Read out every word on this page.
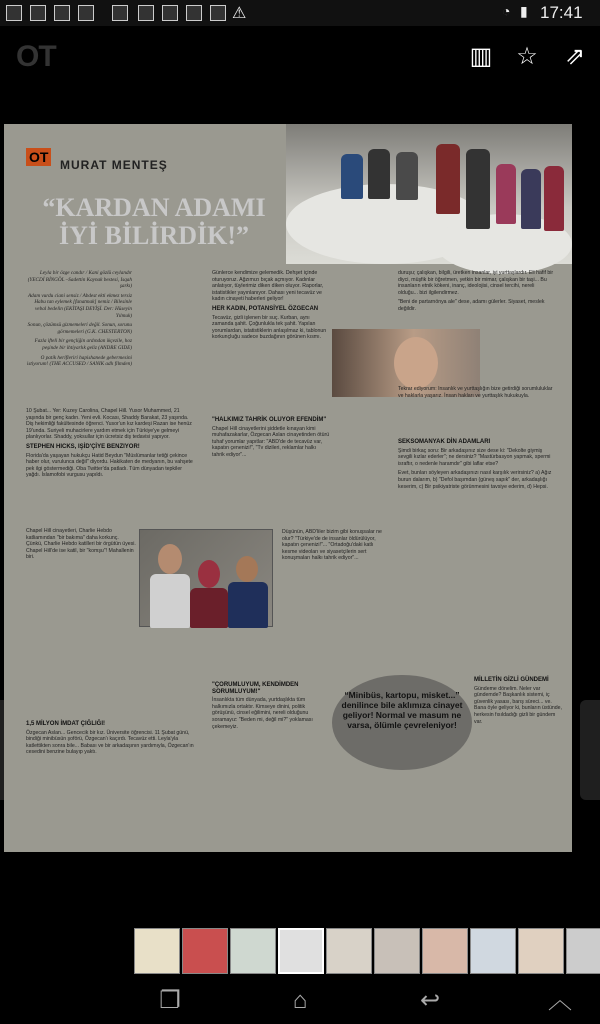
⚠	◔ ▮ 17:41
OT	▥ ☆ ⇗
OT MURAT MENTEŞ
“KARDAN ADAMI İYİ BİLİRDİK!”
Leyla bir özge candır / Kani gözlü ceylandır (YECDİ BİNGÖL –Sadettin Kaynak bestesi, Isqah şarkı)
Adam vurdu ciani sensiz / Abdest ekti ekmez tersiz Habu tan eylemek [fanatmak] nemiz / Bilesinle vebal bedelin (EKİTAŞI DEYİŞİ. Der: Hüseyin Yılmuk)
Sonun, çözümsü gizmemeleri değil. Sonun, sorunu görmemeleri (G.K. CHESTERTON)
Fazla ifteli bir gençliğin ardından ikçezile, hoz peşinde bir ihtiyarlık geliz (ANDRE GIDE)
O patik herifleriri hapishanede gebermesini istiyorum! (THE ACCUSED / SANIK adlı filmden)

10 Şubat... Yer: Kuzey Carolina, Chapel Hill. Yusor Muhammed, 21 yaşında bir genç kadın. Yeni evli. Kocası, Shaddy Barakat, 23 yaşında. Diş hekimliği fakültesinde öğrenci. Yusor'un kız kardeşi Razan ise henüz 19'unda. Suriyeli muhacirlere yardım etmek için Türkiye'ye gelmeyi planlıyorlar. Shaddy, yoksullar için ücretsiz diş tedavisi yapıyor.

STEPHEN HICKS, IŞİD'ÇİYE BENZIYOR!

Florida'da yaşayan hukukçu Hatid Beydun "Müslümanlar tetiği çekince haber olur, vurulunca değil" diyordu. Hakikaten de medyanın, bu vahşete pek ilgi göstermediği. Oba Twitter'da patladı. Tüm dünyadan tepkiler yağdı. İslamofobi vurgusu yapıldı.

Chapel Hill cinayetleri, Charlie Hebdo katliamından "bir bakıma" daha korkunç. Çünkü, Charlie Hebdo katilleri bir örgütün üyesi. Chapel Hill'de ise katil, bir "komşu"! Mahallenin biri.

1,5 MİLYON İMDAT ÇIĞLIĞI!

Özgecan Aslan... Gencecik bir kız. Üniversite öğrencisi. 11 Şubat günü, bindiği minibüsün şoförü, Özgecan'ı kaçırdı. Tecavüz etti. Leyla'yla katlettikten sonra bile... Babası ve bir arkadaşının yardımıyla, Özgecan'ın cesedini benzine bulayıp yaktı.

Günlerce kendimize gelemedik. Dehşet içinde oturuyoruz. Ağzımızı bıçak açmıyor. Kadınlar anlatıyor, tüylerimiz diken diken oluyor. Raporlar, istatistikler yayınlanıyor. Dahası yeni tecavüz ve kadın cinayeti haberleri geliyor!

HER KADIN, POTANSİYEL ÖZGECAN

Tecavüz, gizli işlenen bir suç. Kurban, aynı zamanda şahit. Çoğunlukla tek şahit. Yapılan yorumlardan, istatistiklerin anlaşılmaz ki, tablonun korkunçluğu sadece buzdağının görünen kısmı.

"HALKIMIZ TAHRİK OLUYOR EFENDİM"

Chapel Hill cinayetlerini şiddetle kınayan kimi muhafazakarlar, Özgecan Aslan cinayetinden ötürü tuhaf yorumlar yapıtlar: "ABD'de de tecavüz var, kapatın çenenizi!", "Tv dizileri, reklamlar halkı tahrik ediyor"...

Düşünün, ABD'liler bizim gibi konuşsalar ne olur? "Türkiye'de de insanlar öldürülüyor, kapatın çenenizi!"... "Ortadoğu'daki katlı kesme videoları ve siyasetçilerin sert konuşmaları halkı tahrik ediyor"...

"ÇORUMLUYUM, KENDİMDEN SORUMLUYUM!"

İnsanlıkta tüm dünyada, yurtdaşlıkta tüm halkımızla ortaktır. Kimseye dinini, politik görüşünü, cinsel eğilimini, nereli olduğunu soramayız: "Beden mi, değil mi?" yoklaması çekemeyiz.

duruşu; çalışkan, bilgili, üretken insanlar, iyi yurttaşlardır. Eli hafif bir diyci, müşfik bir öğretmen, yetkin bir mimar, çalışkan bir taşi... Bu insanların etnik kökeni, inanç, ideolojisi, cinsel tercihi, nereli olduğu... bizi ilgilendirmez.

"Beni de partarnönya ale" dese, adamı gülerler. Siyaset, meslek değildir.

Tekrar ediyorum: İnsanlık ve yurttaşlığın bize getirdiği sorumluluklar ve haklarla yaşarız. İnsan hakları ve yurttaşlık hukukuyla.

SEKSOMANYAK DİN ADAMLARI

Şimdi birkaç soru: Bir arkadaşınız size dese ki: "Dekolte giymiş sevgili kızlar ederler"; ne dersiniz? "Mastürbasyon yapmak, spermi israftır, o nedenle haramdır" gibi laflar etse?

Evet, bunları söyleyen arkadaşınızı nasıl karşılık verirsiniz? a) Ağız burun dalarım, b) "Defol başımdan (güneş sapık" der, arkadaşlığı keserim, c) Bir psikiyatriste görünmesini tavsiye ederim, d) Hepsi.

MİLLETİN GİZLİ GÜNDEMİ

Gündeme dönelim. Neler var gündemde? Başkanlık sistemi, iç güvenlik yasası, barış süreci... ve. Bana öyle geliyor ki, bunların üstünde, herkesin fısıldadığı gizli bir gündem var.

“Minibüs, kartopu, misket...” denilince bile aklımıza cinayet geliyor! Normal ve masum ne varsa, ölümle çevreleniyor!
❐	⌂	↩	︿
